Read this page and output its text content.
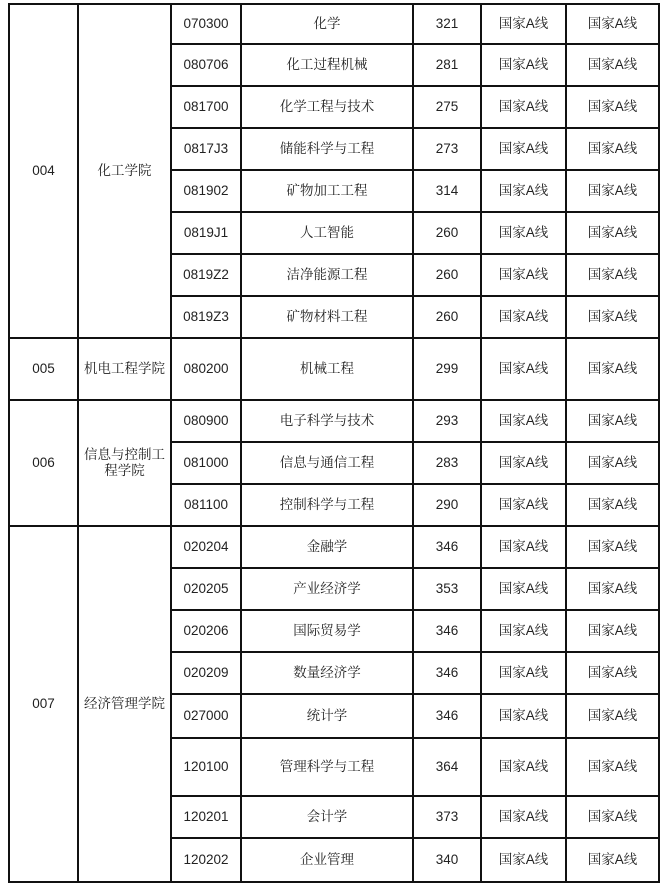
004	化工学院	070300	化学	321	国家A线	国家A线
		080706	化工过程机械	281	国家A线	国家A线
		081700	化学工程与技术	275	国家A线	国家A线
		0817J3	储能科学与工程	273	国家A线	国家A线
		081902	矿物加工工程	314	国家A线	国家A线
		0819J1	人工智能	260	国家A线	国家A线
		0819Z2	洁净能源工程	260	国家A线	国家A线
		0819Z3	矿物材料工程	260	国家A线	国家A线
005	机电工程学院	080200	机械工程	299	国家A线	国家A线
006	信息与控制工程学院	080900	电子科学与技术	293	国家A线	国家A线
		081000	信息与通信工程	283	国家A线	国家A线
		081100	控制科学与工程	290	国家A线	国家A线
007	经济管理学院	020204	金融学	346	国家A线	国家A线
		020205	产业经济学	353	国家A线	国家A线
		020206	国际贸易学	346	国家A线	国家A线
		020209	数量经济学	346	国家A线	国家A线
		027000	统计学	346	国家A线	国家A线
		120100	管理科学与工程	364	国家A线	国家A线
		120201	会计学	373	国家A线	国家A线
		120202	企业管理	340	国家A线	国家A线
